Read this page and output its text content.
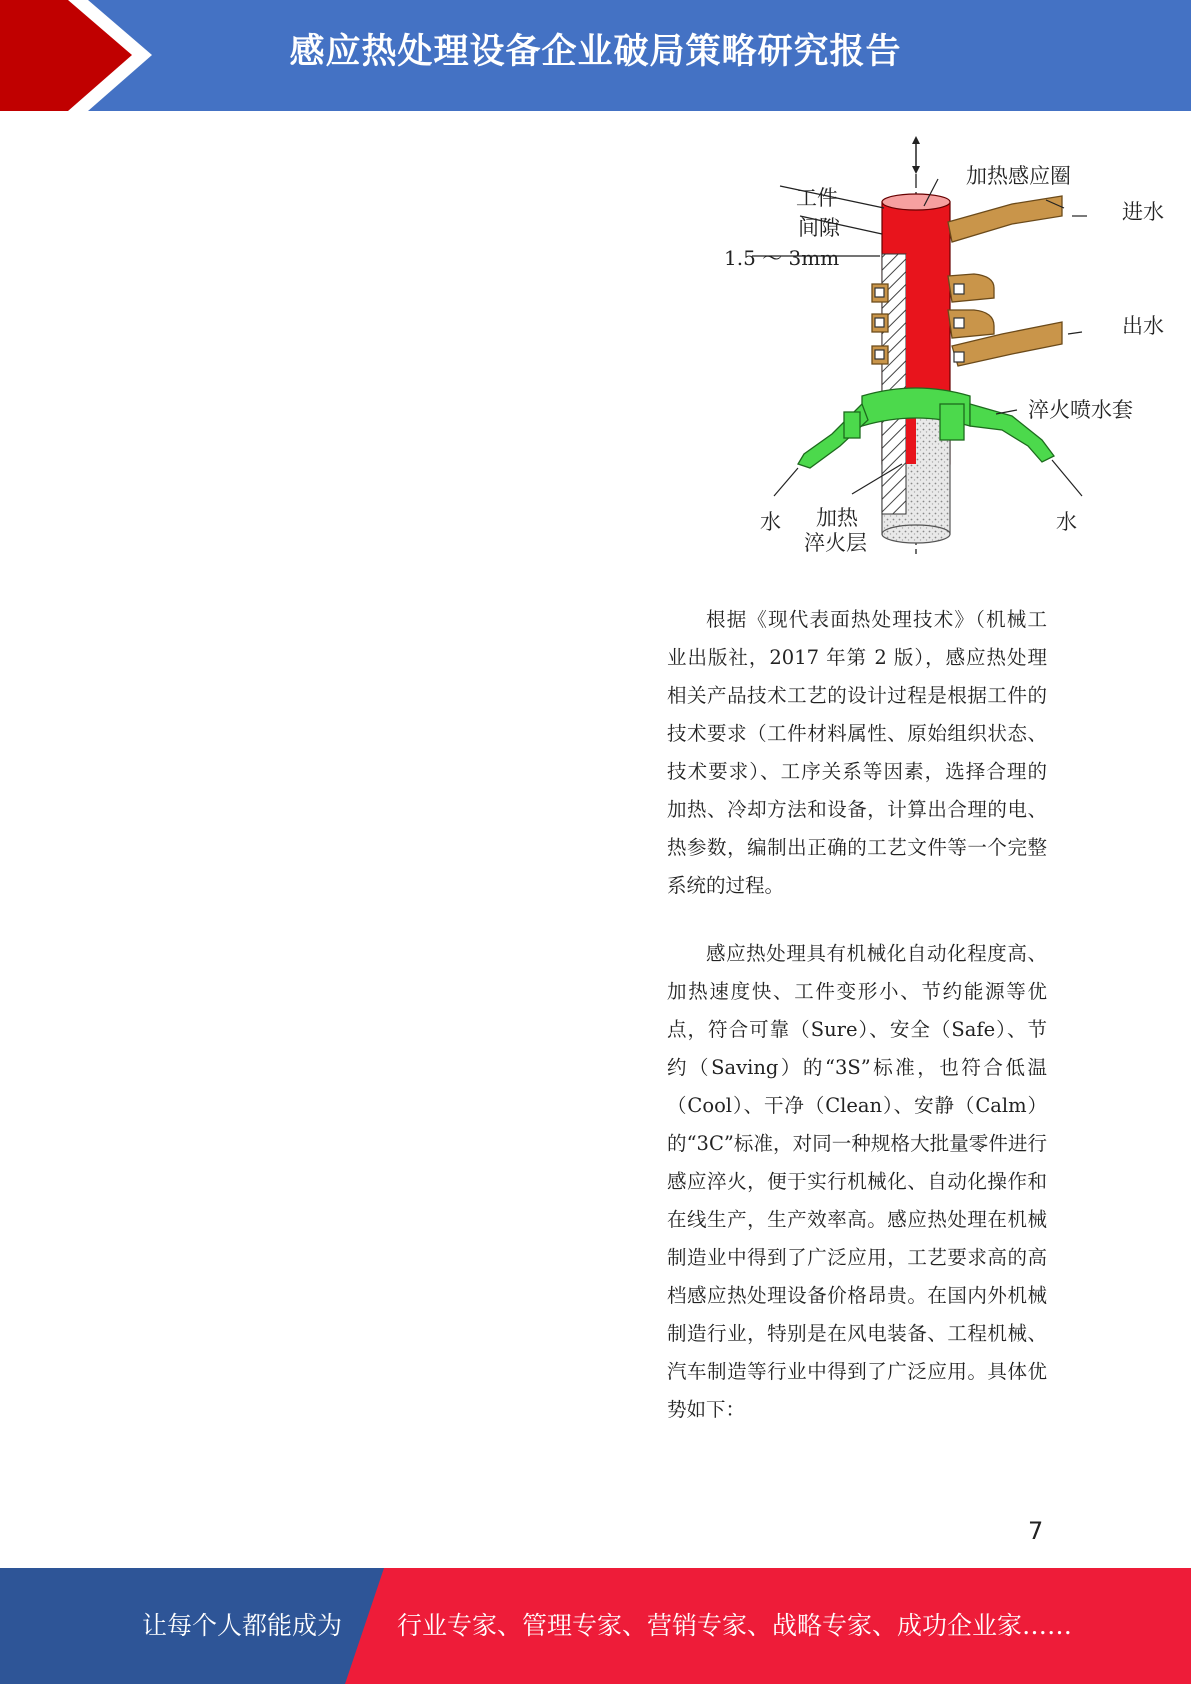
感应热处理设备企业破局策略研究报告
工件
间隙
1.5 ～ 3mm
加热感应圈
进水
出水
淬火喷水套
水	水
加热
淬火层

根据《现代表面热处理技术》（机械工业出版社，2017 年第 2 版），感应热处理相关产品技术工艺的设计过程是根据工件的技术要求（工件材料属性、原始组织状态、技术要求）、工序关系等因素，选择合理的加热、冷却方法和设备，计算出合理的电、热参数，编制出正确的工艺文件等一个完整系统的过程。

感应热处理具有机械化自动化程度高、加热速度快、工件变形小、节约能源等优点，符合可靠（Sure）、安全（Safe）、节约（Saving）的“3S”标准，也符合低温（Cool）、干净（Clean）、安静（Calm）的“3C”标准，对同一种规格大批量零件进行感应淬火，便于实行机械化、自动化操作和在线生产，生产效率高。感应热处理在机械制造业中得到了广泛应用，工艺要求高的高档感应热处理设备价格昂贵。在国内外机械制造行业，特别是在风电装备、工程机械、汽车制造等行业中得到了广泛应用。具体优势如下：

7
让每个人都能成为 行业专家、管理专家、营销专家、战略专家、成功企业家……
